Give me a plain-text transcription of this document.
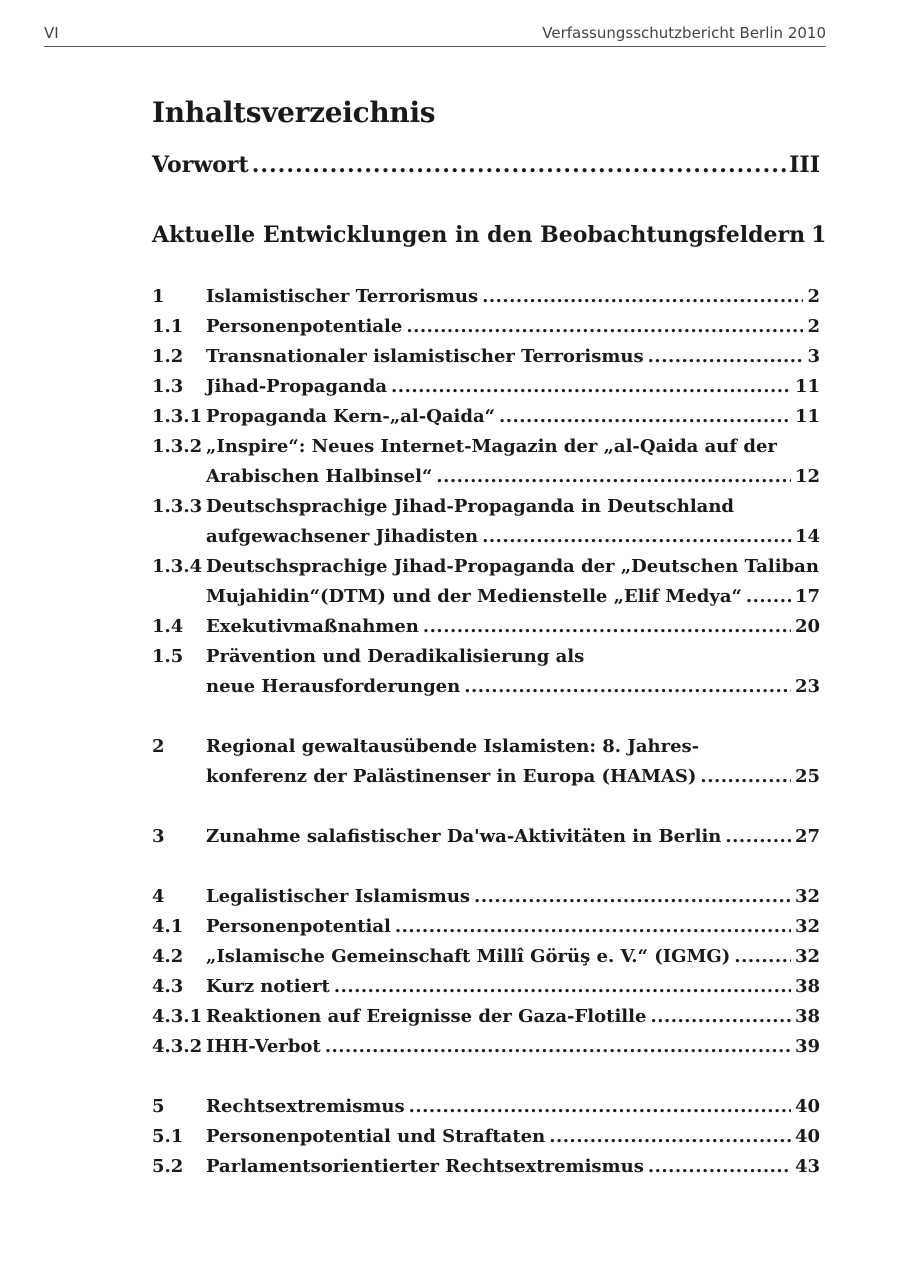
VI	Verfassungsschutzbericht Berlin 2010
Inhaltsverzeichnis
Vorwort .....	III
Aktuelle Entwicklungen in den Beobachtungsfeldern 1
1 Islamistischer Terrorismus .....	2
1.1 Personenpotentiale .....	2
1.2 Transnationaler islamistischer Terrorismus .....	3
1.3 Jihad-Propaganda .....	11
1.3.1 Propaganda Kern-„al-Qaida“ .....	11
1.3.2 „Inspire“: Neues Internet-Magazin der „al-Qaida auf der
Arabischen Halbinsel“ .....	12
1.3.3 Deutschsprachige Jihad-Propaganda in Deutschland
aufgewachsener Jihadisten .....	14
1.3.4 Deutschsprachige Jihad-Propaganda der „Deutschen Taliban
Mujahidin“(DTM) und der Medienstelle „Elif Medya“ .....	17
1.4 Exekutivmaßnahmen .....	20
1.5 Prävention und Deradikalisierung als
neue Herausforderungen .....	23
2 Regional gewaltausübende Islamisten: 8. Jahres-
konferenz der Palästinenser in Europa (HAMAS) .....	25
3 Zunahme salafistischer Da'wa-Aktivitäten in Berlin .....	27
4 Legalistischer Islamismus .....	32
4.1 Personenpotential .....	32
4.2 „Islamische Gemeinschaft Millî Görüş e. V.“ (IGMG) .....	32
4.3 Kurz notiert .....	38
4.3.1 Reaktionen auf Ereignisse der Gaza-Flotille .....	38
4.3.2 IHH-Verbot .....	39
5 Rechtsextremismus .....	40
5.1 Personenpotential und Straftaten .....	40
5.2 Parlamentsorientierter Rechtsextremismus .....	43
